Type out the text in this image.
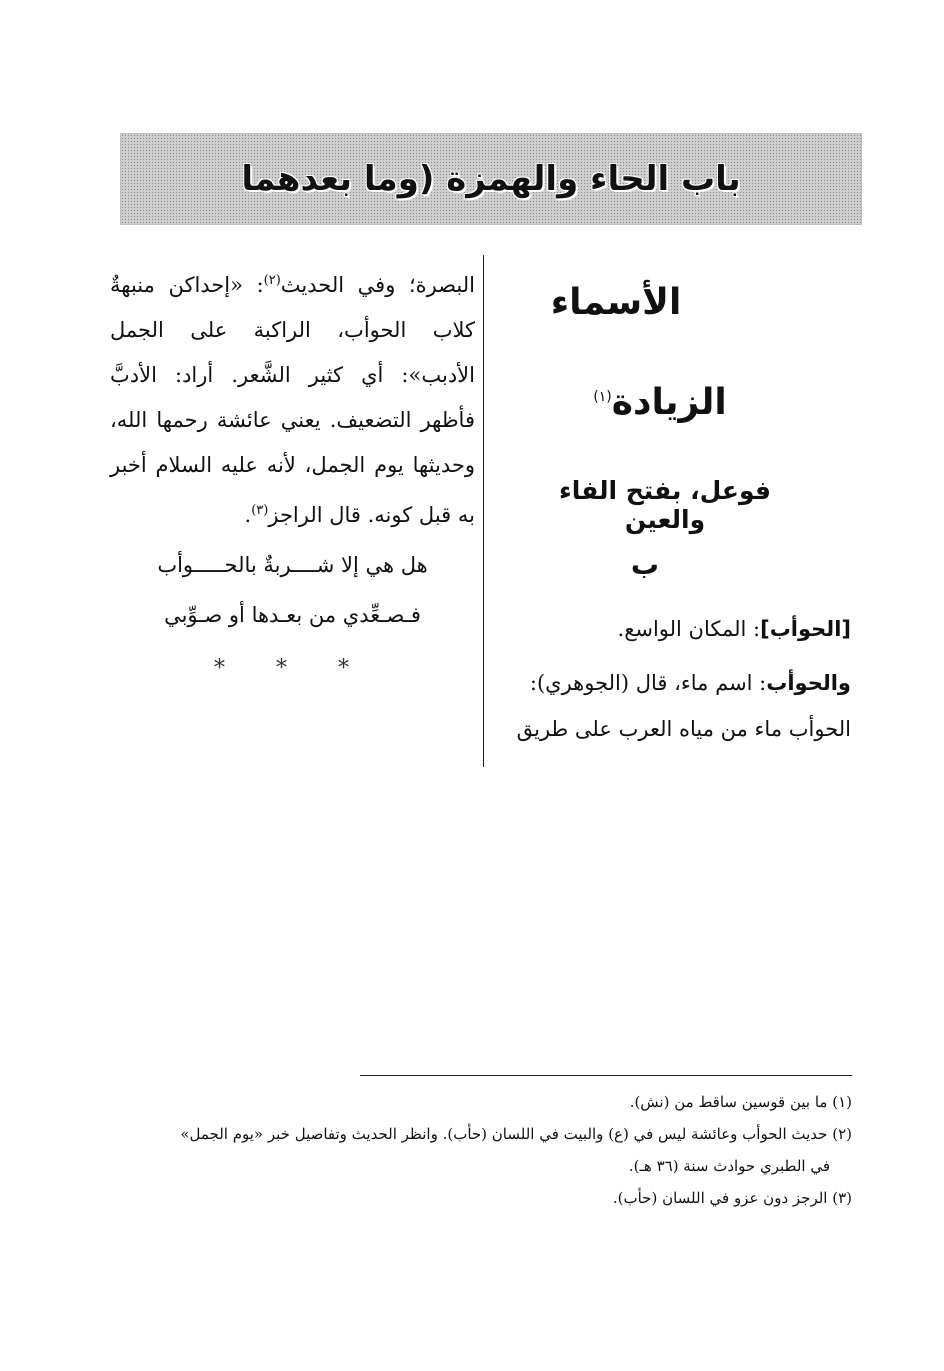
باب الحاء والهمزة (وما بعدهما
الأسماء
الزيادة$^{(١)}$
فوعل، بفتح الفاء والعين
ب
[الحوأب]: المكان الواسع.
والحوأب: اسم ماء، قال (الجوهري): الحوأب ماء من مياه العرب على طريق
البصرة؛ وفي الحديث$^{(٢)}$: «إحداكن منبهةٌ كلاب الحوأب، الراكبة على الجمل الأدبب»: أي كثير الشَّعر. أراد: الأدبَّ فأظهر التضعيف. يعني عائشة رحمها الله، وحديثها يوم الجمل، لأنه عليه السلام أخبر به قبل كونه. قال الراجز$^{(٣)}$.
هل هي إلا شــــربةٌ بالحـــــوأب
فـصـعِّدي من بعـدها أو صـوِّبي
* * *
(١) ما بين قوسين ساقط من (نش).
(٢) حديث الحوأب وعائشة ليس في (ع) والبيت في اللسان (حأب). وانظر الحديث وتفاصيل خبر «يوم الجمل»
في الطبري حوادث سنة (٣٦ هـ).
(٣) الرجز دون عزو في اللسان (حأب).
